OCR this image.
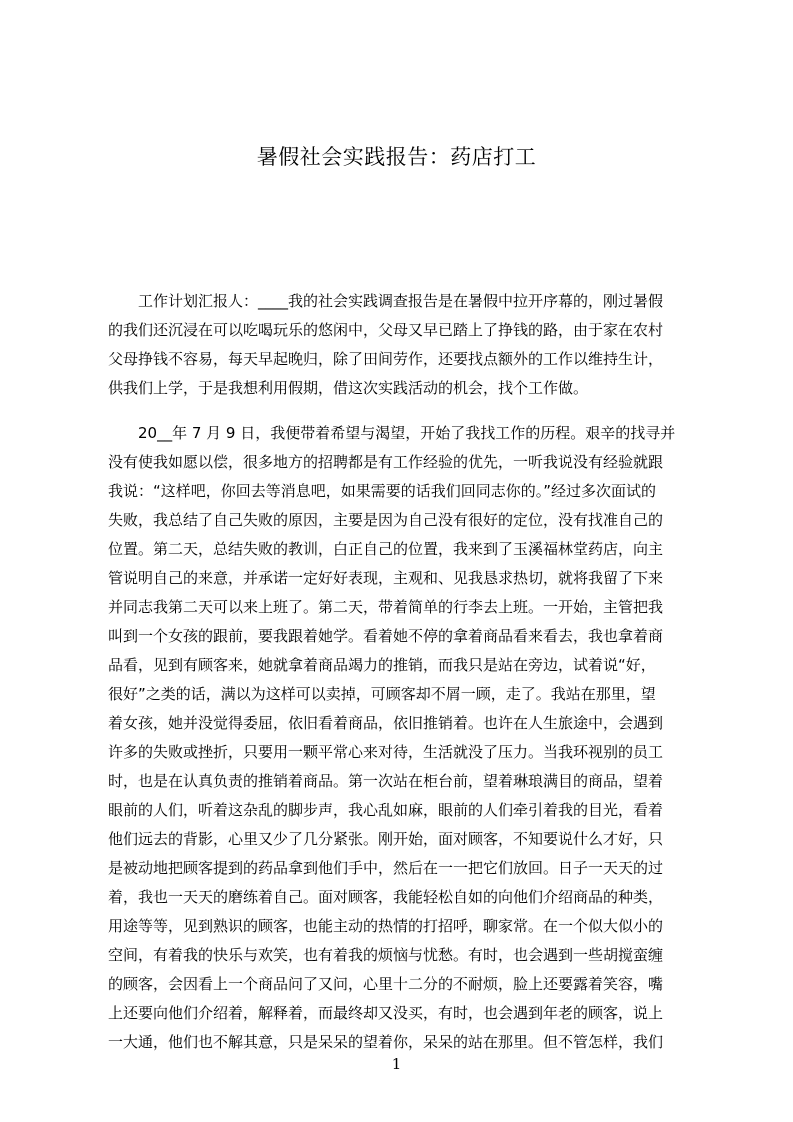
暑假社会实践报告：药店打工
　　工作计划汇报人：____我的社会实践调查报告是在暑假中拉开序幕的，刚过暑假
的我们还沉浸在可以吃喝玩乐的悠闲中，父母又早已踏上了挣钱的路，由于家在农村
父母挣钱不容易，每天早起晚归，除了田间劳作，还要找点额外的工作以维持生计，
供我们上学，于是我想利用假期，借这次实践活动的机会，找个工作做。
　　20__年 7 月 9 日，我便带着希望与渴望，开始了我找工作的历程。艰辛的找寻并
没有使我如愿以偿，很多地方的招聘都是有工作经验的优先，一听我说没有经验就跟
我说：“这样吧，你回去等消息吧，如果需要的话我们回同志你的。”经过多次面试的
失败，我总结了自己失败的原因，主要是因为自己没有很好的定位，没有找准自己的
位置。第二天，总结失败的教训，白正自己的位置，我来到了玉溪福林堂药店，向主
管说明自己的来意，并承诺一定好好表现，主观和、见我恳求热切，就将我留了下来
并同志我第二天可以来上班了。第二天，带着简单的行李去上班。一开始，主管把我
叫到一个女孩的跟前，要我跟着她学。看着她不停的拿着商品看来看去，我也拿着商
品看，见到有顾客来，她就拿着商品竭力的推销，而我只是站在旁边，试着说“好，
很好”之类的话，满以为这样可以卖掉，可顾客却不屑一顾，走了。我站在那里，望
着女孩，她并没觉得委屈，依旧看着商品，依旧推销着。也许在人生旅途中，会遇到
许多的失败或挫折，只要用一颗平常心来对待，生活就没了压力。当我环视别的员工
时，也是在认真负责的推销着商品。第一次站在柜台前，望着琳琅满目的商品，望着
眼前的人们，听着这杂乱的脚步声，我心乱如麻，眼前的人们牵引着我的目光，看着
他们远去的背影，心里又少了几分紧张。刚开始，面对顾客，不知要说什么才好，只
是被动地把顾客提到的药品拿到他们手中，然后在一一把它们放回。日子一天天的过
着，我也一天天的磨练着自己。面对顾客，我能轻松自如的向他们介绍商品的种类，
用途等等，见到熟识的顾客，也能主动的热情的打招呼，聊家常。在一个似大似小的
空间，有着我的快乐与欢笑，也有着我的烦恼与忧愁。有时，也会遇到一些胡搅蛮缠
的顾客，会因看上一个商品问了又问，心里十二分的不耐烦，脸上还要露着笑容，嘴
上还要向他们介绍着，解释着，而最终却又没买，有时，也会遇到年老的顾客，说上
一大通，他们也不解其意，只是呆呆的望着你，呆呆的站在那里。但不管怎样，我们
1
